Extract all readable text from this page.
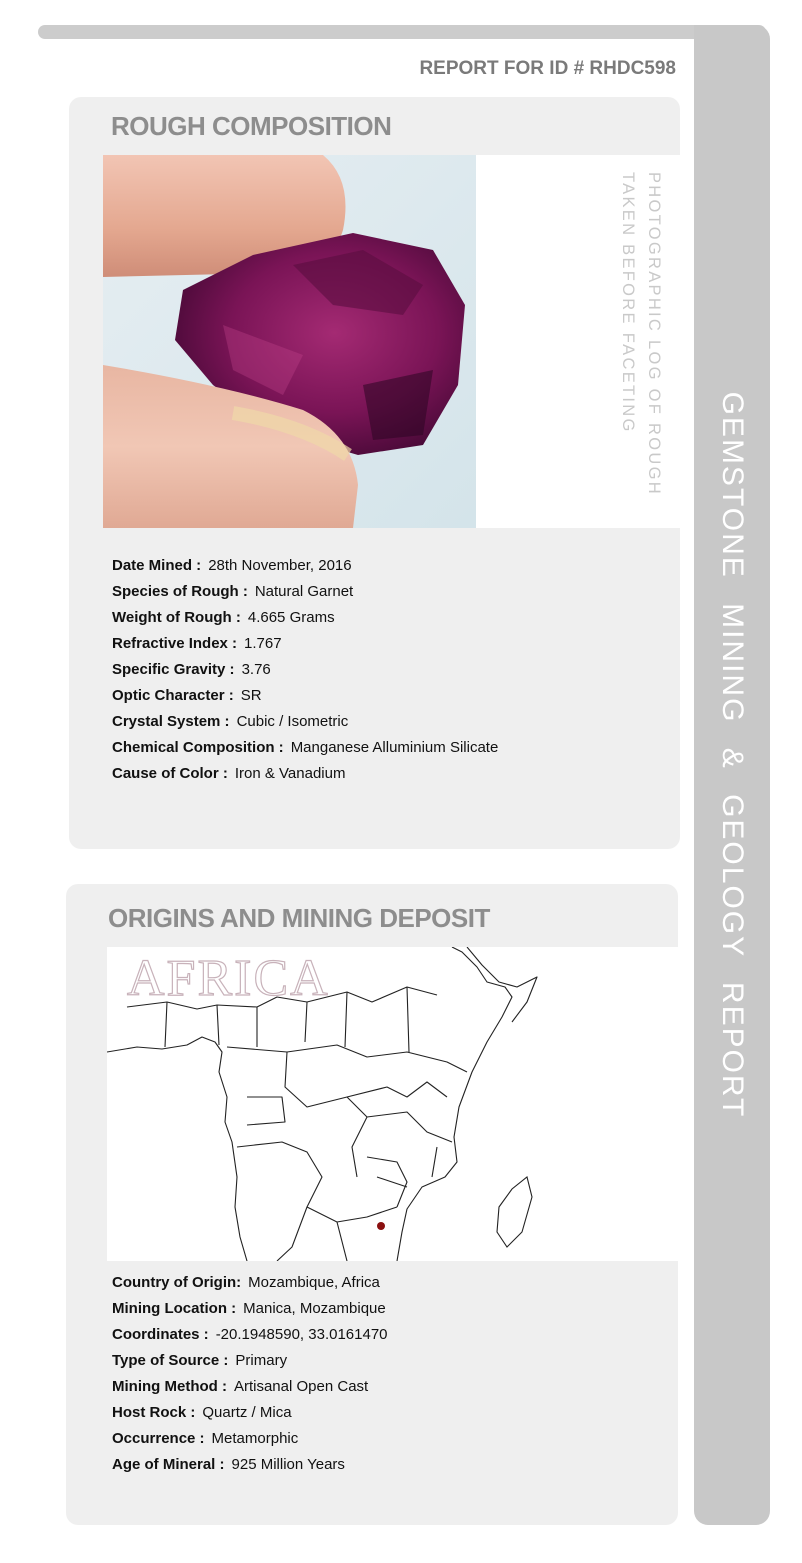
GEMSTONE MINING & GEOLOGY REPORT
REPORT FOR ID # RHDC598
ROUGH COMPOSITION
PHOTOGRAPHIC LOG OF ROUGH
TAKEN BEFORE FACETING
Date Mined : 28th November, 2016
Species of Rough : Natural Garnet
Weight of Rough : 4.665 Grams
Refractive Index : 1.767
Specific Gravity : 3.76
Optic Character : SR
Crystal System : Cubic / Isometric
Chemical Composition : Manganese Alluminium Silicate
Cause of Color : Iron & Vanadium
ORIGINS AND MINING DEPOSIT
AFRICA
Country of Origin: Mozambique, Africa
Mining Location : Manica, Mozambique
Coordinates : -20.1948590, 33.0161470
Type of Source : Primary
Mining Method : Artisanal Open Cast
Host Rock : Quartz / Mica
Occurrence : Metamorphic
Age of Mineral : 925 Million Years
